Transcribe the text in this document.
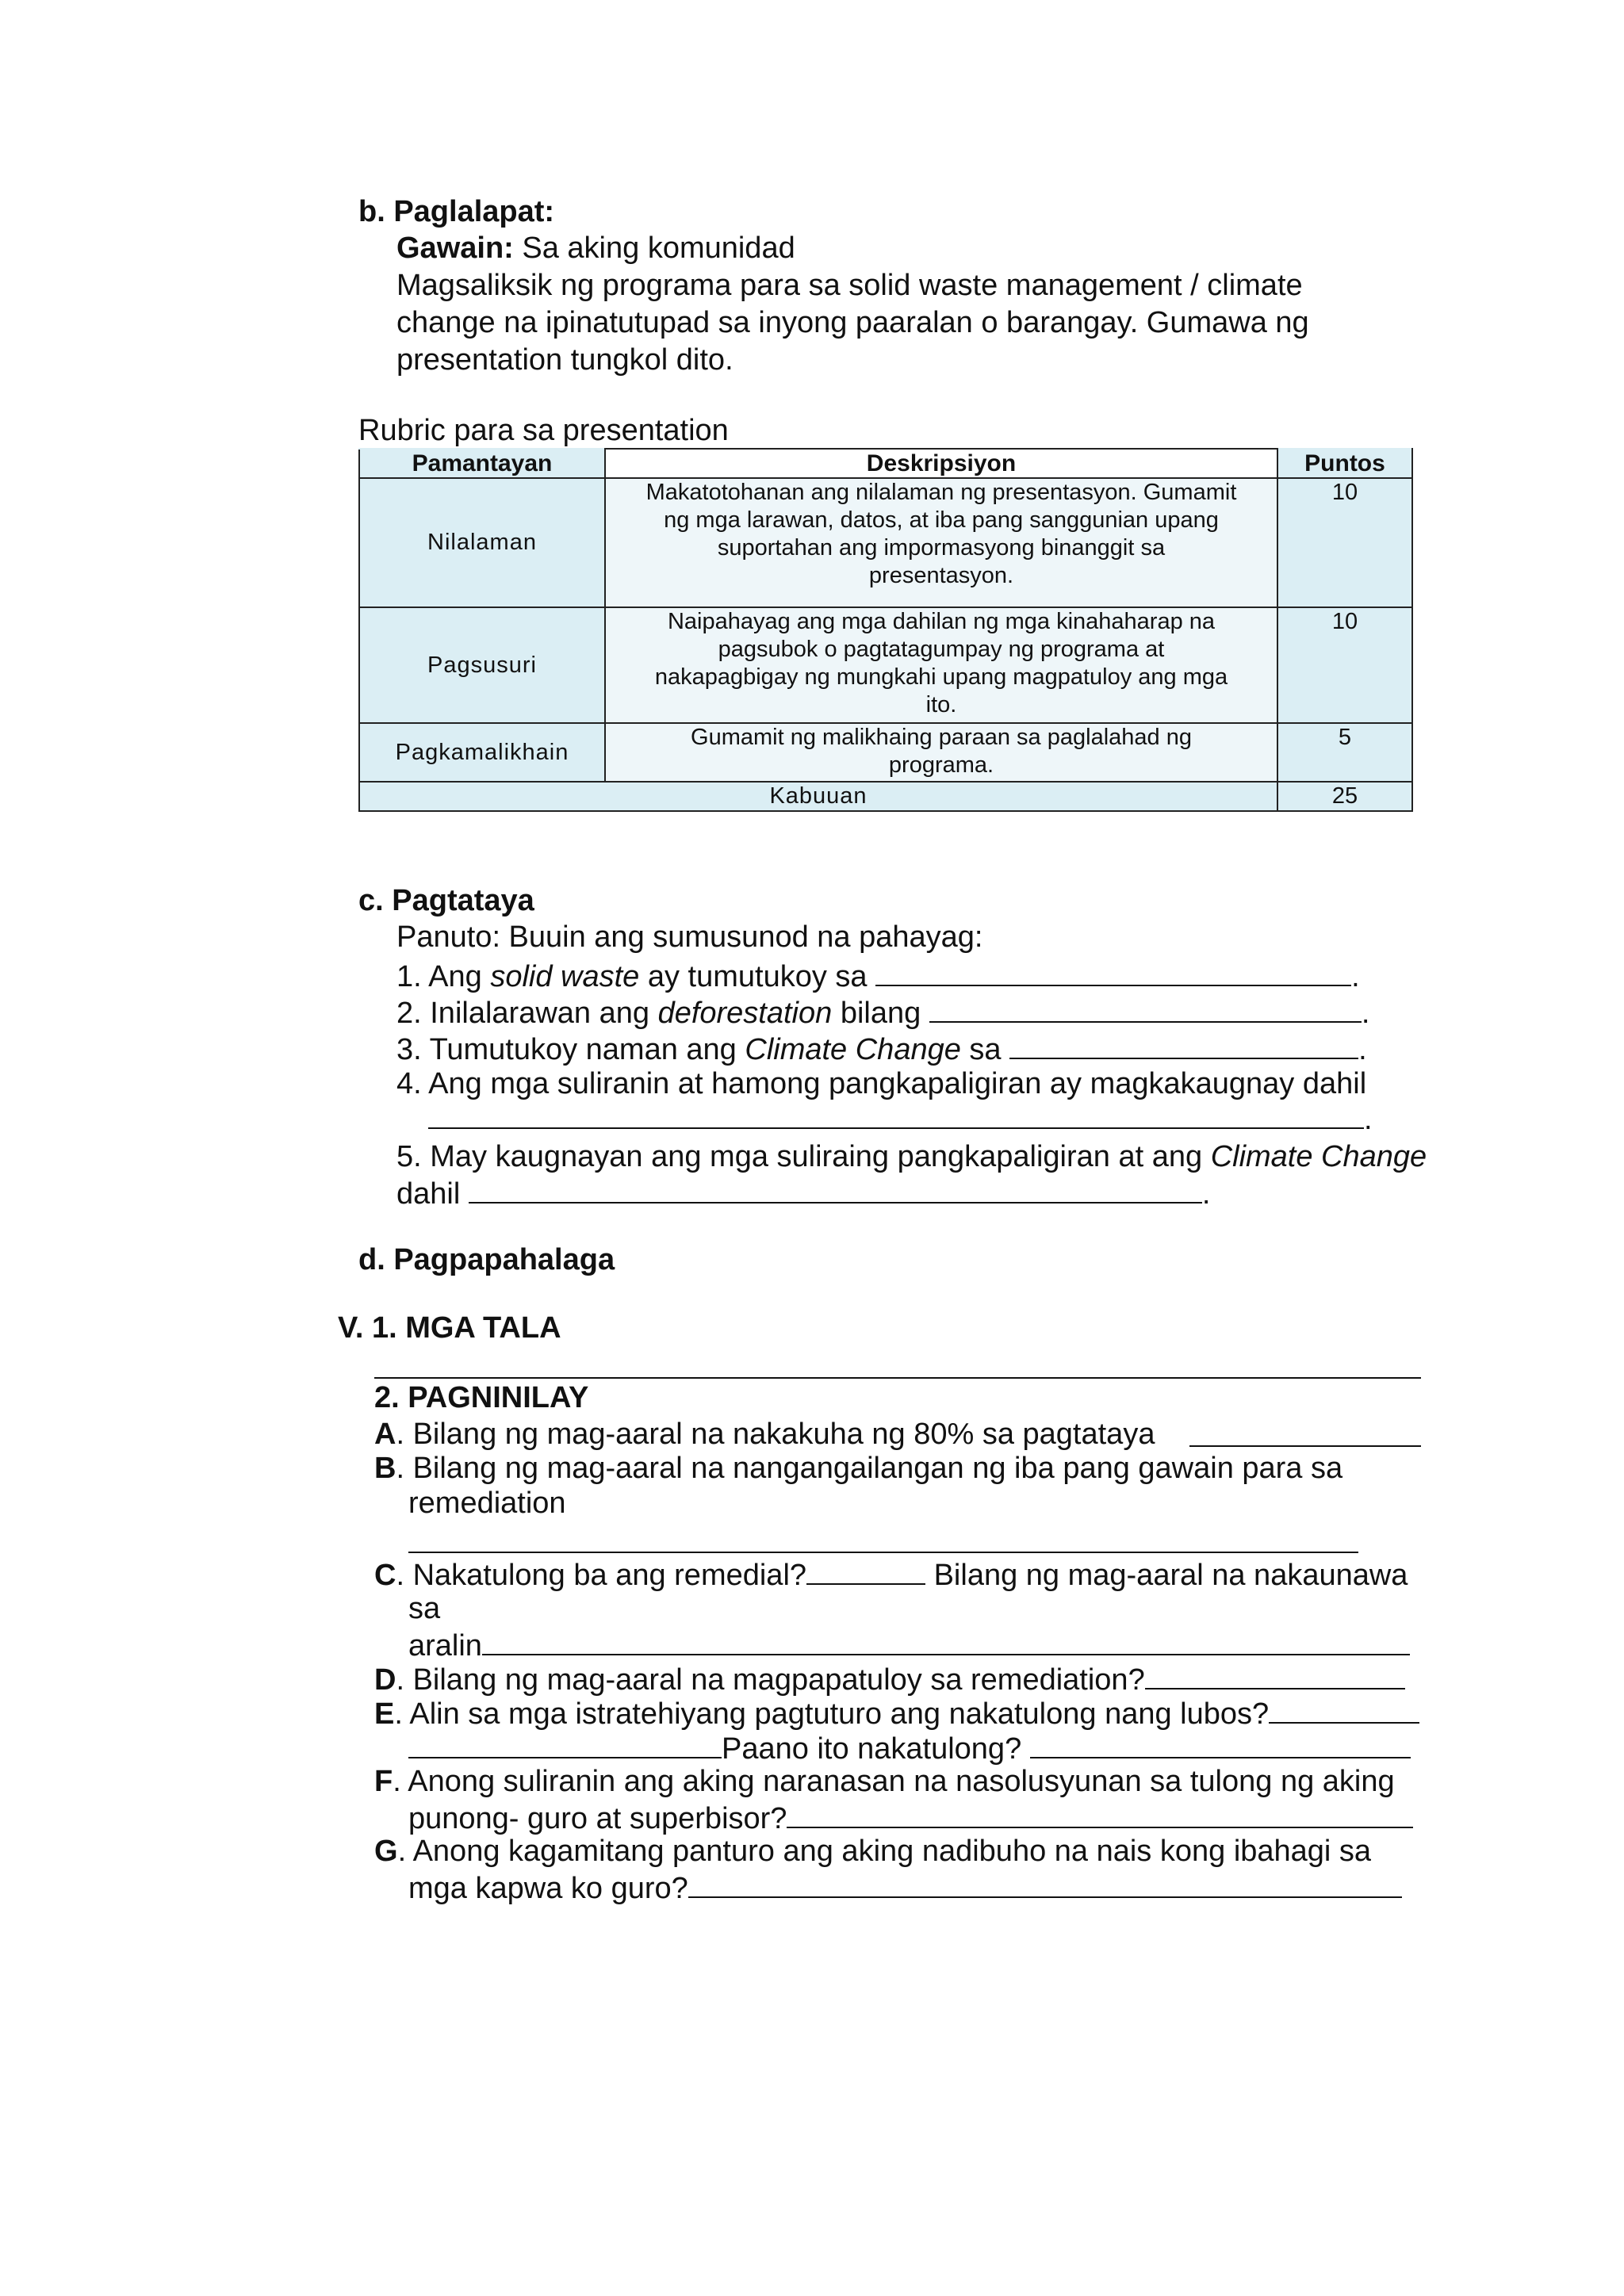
b. Paglalapat:
Gawain: Sa aking komunidad
Magsaliksik ng programa para sa solid waste management / climate
change na ipinatutupad sa inyong paaralan o barangay. Gumawa ng
presentation tungkol dito.
Rubric para sa presentation
Pamantayan	Deskripsiyon	Puntos
Nilalaman	Makatotohanan ang nilalaman ng presentasyon. Gumamit
ng mga larawan, datos, at iba pang sanggunian upang
suportahan ang impormasyong binanggit sa
presentasyon.	10
Pagsusuri	Naipahayag ang mga dahilan ng mga kinahaharap na
pagsubok o pagtatagumpay ng programa at
nakapagbigay ng mungkahi upang magpatuloy ang mga
ito.	10
Pagkamalikhain	Gumamit ng malikhaing paraan sa paglalahad ng
programa.	5
Kabuuan		25
c. Pagtataya
Panuto: Buuin ang sumusunod na pahayag:
1. Ang solid waste ay tumutukoy sa	.
2. Inilalarawan ang deforestation bilang	.
3. Tumutukoy naman ang Climate Change sa	.
4. Ang mga suliranin at hamong pangkapaligiran ay magkakaugnay dahil
.
5. May kaugnayan ang mga suliraing pangkapaligiran at ang Climate Change
dahil	.
d. Pagpapahalaga
V. 1. MGA TALA
2. PAGNINILAY
A. Bilang ng mag-aaral na nakakuha ng 80% sa pagtataya
B. Bilang ng mag-aaral na nangangailangan ng iba pang gawain para sa
remediation
C. Nakatulong ba ang remedial?	Bilang ng mag-aaral na nakaunawa
sa
aralin
D. Bilang ng mag-aaral na magpapatuloy sa remediation?
E. Alin sa mga istratehiyang pagtuturo ang nakatulong nang lubos?
Paano ito nakatulong?
F. Anong suliranin ang aking naranasan na nasolusyunan sa tulong ng aking
punong- guro at superbisor?
G. Anong kagamitang panturo ang aking nadibuho na nais kong ibahagi sa
mga kapwa ko guro?
